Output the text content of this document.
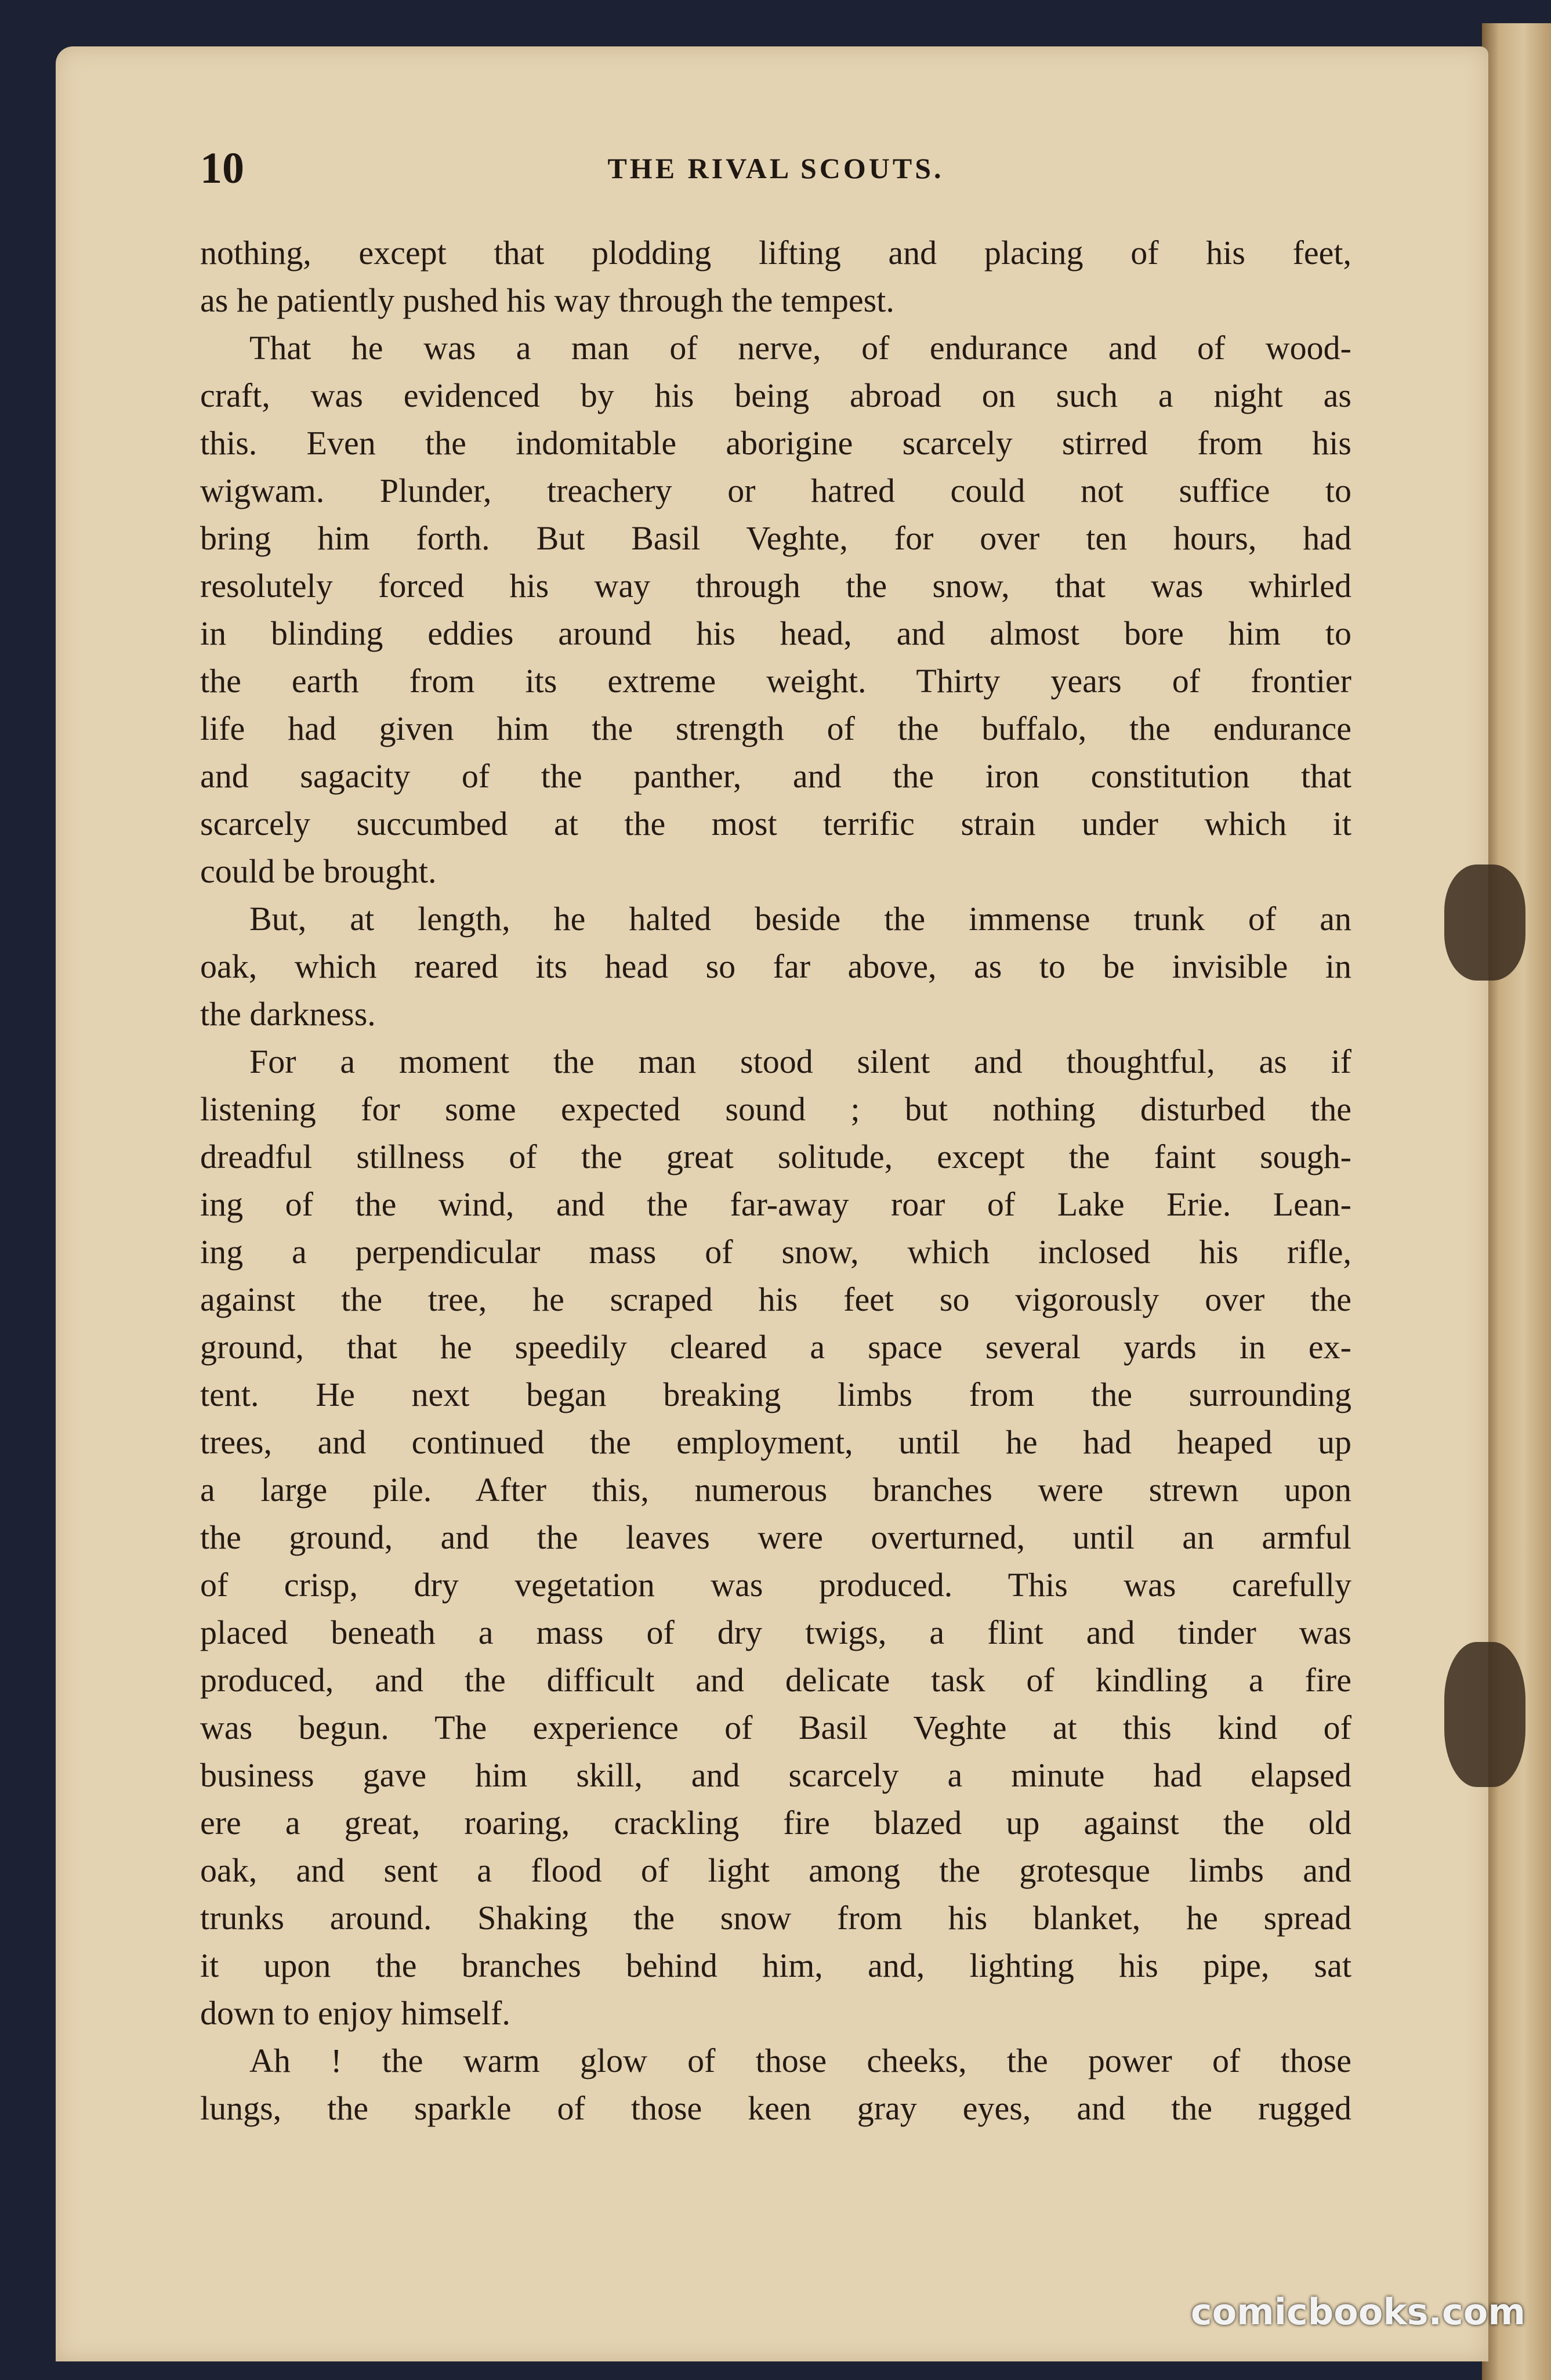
10	THE RIVAL SCOUTS.
nothing, except that plodding lifting and placing of his feet,
as he patiently pushed his way through the tempest.
That he was a man of nerve, of endurance and of wood-
craft, was evidenced by his being abroad on such a night as
this. Even the indomitable aborigine scarcely stirred from his
wigwam. Plunder, treachery or hatred could not suffice to
bring him forth. But Basil Veghte, for over ten hours, had
resolutely forced his way through the snow, that was whirled
in blinding eddies around his head, and almost bore him to
the earth from its extreme weight. Thirty years of frontier
life had given him the strength of the buffalo, the endurance
and sagacity of the panther, and the iron constitution that
scarcely succumbed at the most terrific strain under which it
could be brought.
But, at length, he halted beside the immense trunk of an
oak, which reared its head so far above, as to be invisible in
the darkness.
For a moment the man stood silent and thoughtful, as if
listening for some expected sound ; but nothing disturbed the
dreadful stillness of the great solitude, except the faint sough-
ing of the wind, and the far-away roar of Lake Erie. Lean-
ing a perpendicular mass of snow, which inclosed his rifle,
against the tree, he scraped his feet so vigorously over the
ground, that he speedily cleared a space several yards in ex-
tent. He next began breaking limbs from the surrounding
trees, and continued the employment, until he had heaped up
a large pile. After this, numerous branches were strewn upon
the ground, and the leaves were overturned, until an armful
of crisp, dry vegetation was produced. This was carefully
placed beneath a mass of dry twigs, a flint and tinder was
produced, and the difficult and delicate task of kindling a fire
was begun. The experience of Basil Veghte at this kind of
business gave him skill, and scarcely a minute had elapsed
ere a great, roaring, crackling fire blazed up against the old
oak, and sent a flood of light among the grotesque limbs and
trunks around. Shaking the snow from his blanket, he spread
it upon the branches behind him, and, lighting his pipe, sat
down to enjoy himself.
Ah ! the warm glow of those cheeks, the power of those
lungs, the sparkle of those keen gray eyes, and the rugged
comicbooks.com
